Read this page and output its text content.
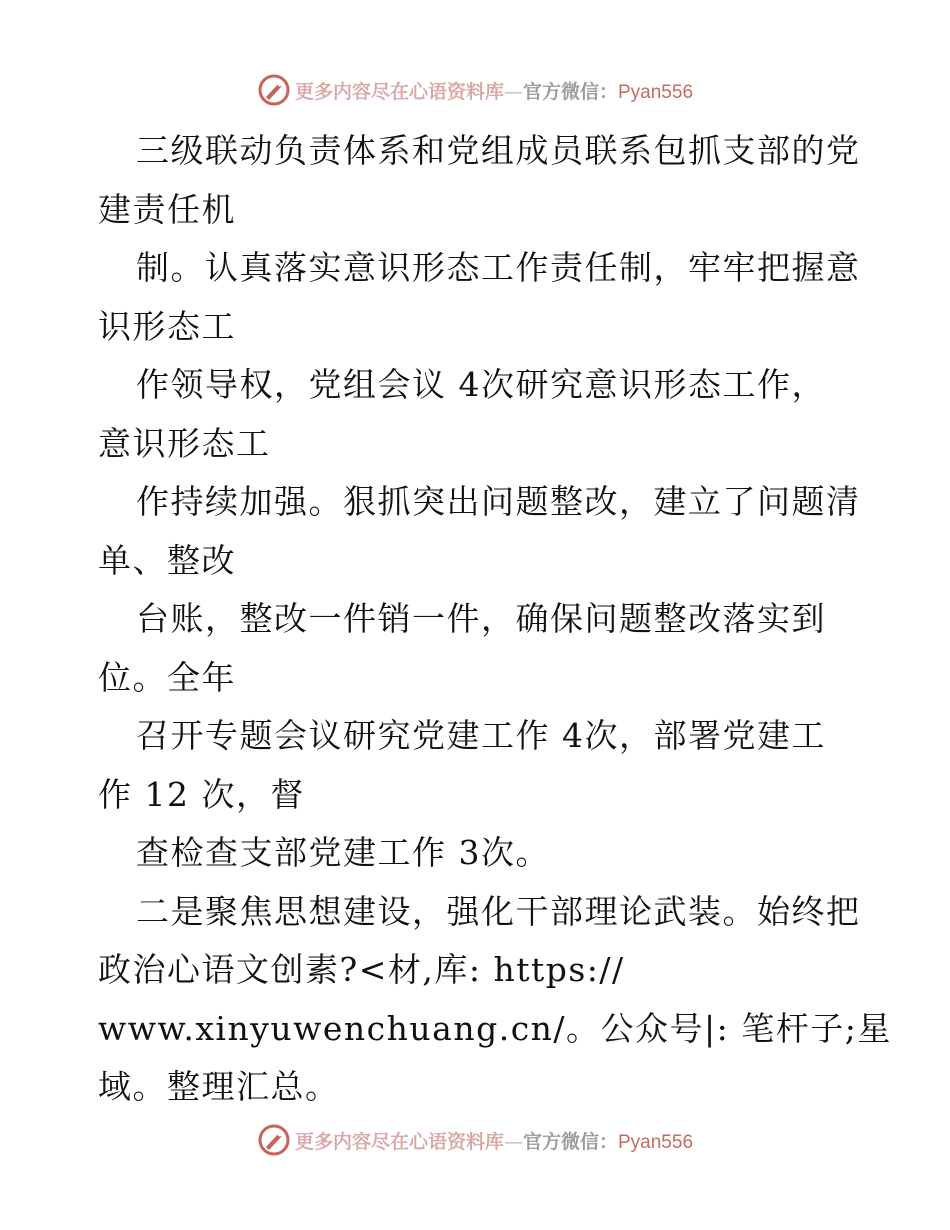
更多内容尽在心语资料库—官方微信：Pyan556
三级联动负责体系和党组成员联系包抓支部的党
建责任机
制。认真落实意识形态工作责任制，牢牢把握意
识形态工
作领导权，党组会议 4次研究意识形态工作，
意识形态工
作持续加强。狠抓突出问题整改，建立了问题清
单、整改
台账，整改一件销一件，确保问题整改落实到
位。全年
召开专题会议研究党建工作 4次，部署党建工
作 12 次，督
查检查支部党建工作 3次。
二是聚焦思想建设，强化干部理论武装。始终把
政治心语文创素?<材,库: https://
www.xinyuwenchuang.cn/。公众号|: 笔杆子;星
域。整理汇总。
更多内容尽在心语资料库—官方微信：Pyan556
